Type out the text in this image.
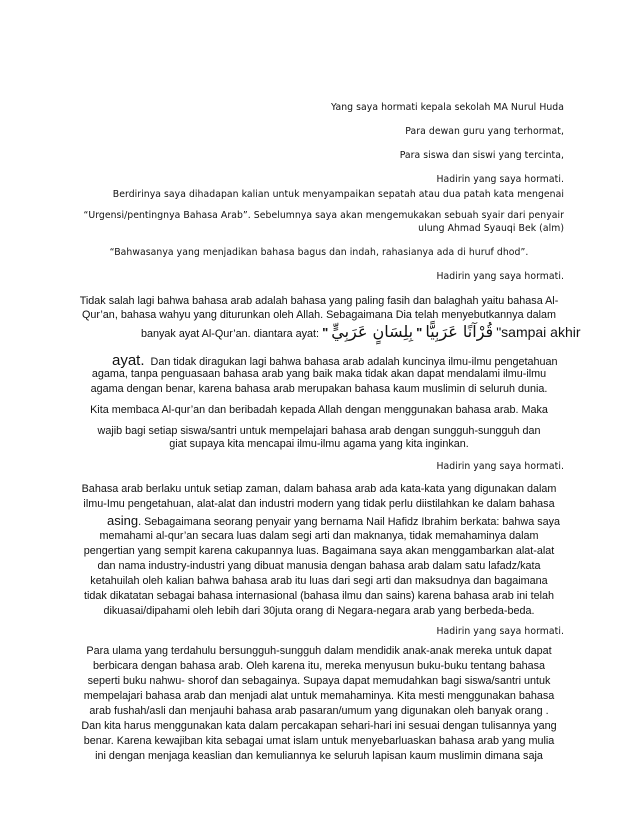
Yang saya hormati kepala sekolah MA Nurul Huda

Para dewan guru yang terhormat,

Para siswa dan siswi yang tercinta,

Hadirin yang saya hormati.

Berdirinya saya dihadapan kalian untuk menyampaikan sepatah atau dua patah kata mengenai

“Urgensi/pentingnya Bahasa Arab”. Sebelumnya saya akan mengemukakan sebuah syair dari penyair

ulung Ahmad Syauqi Bek (alm)

“Bahwasanya yang menjadikan bahasa bagus dan indah, rahasianya ada di huruf dhod”.

Hadirin yang saya hormati.

Tidak salah lagi bahwa bahasa arab adalah bahasa yang paling fasih dan balaghah yaitu bahasa Al-

Qur’an, bahasa wahyu yang diturunkan oleh Allah. Sebagaimana Dia telah menyebutkannya dalam

banyak ayat Al-Qur’an. diantara ayat: " بِلِسَانٍ عَرَبِيٍّ " قُرْآنًا عَرَبِيًّا "sampai akhir
ayat. Dan tidak diragukan lagi bahwa bahasa arab adalah kuncinya ilmu-ilmu pengetahuan

agama, tanpa penguasaan bahasa arab yang baik maka tidak akan dapat mendalami ilmu-ilmu

agama dengan benar, karena bahasa arab merupakan bahasa kaum muslimin di seluruh dunia.

Kita membaca Al-qur’an dan beribadah kepada Allah dengan menggunakan bahasa arab. Maka

wajib bagi setiap siswa/santri untuk mempelajari bahasa arab dengan sungguh-sungguh dan

giat supaya kita mencapai ilmu-ilmu agama yang kita inginkan.

Hadirin yang saya hormati.

Bahasa arab berlaku untuk setiap zaman, dalam bahasa arab ada kata-kata yang digunakan dalam

ilmu-Imu pengetahuan, alat-alat dan industri modern yang tidak perlu diistilahkan ke dalam bahasa

asing . Sebagaimana seorang penyair yang bernama Nail Hafidz Ibrahim berkata: bahwa saya

memahami al-qur’an secara luas dalam segi arti dan maknanya, tidak memahaminya dalam

pengertian yang sempit karena cakupannya luas. Bagaimana saya akan menggambarkan alat-alat

dan nama industry-industri yang dibuat manusia dengan bahasa arab dalam satu lafadz/kata

ketahuilah oleh kalian bahwa bahasa arab itu luas dari segi arti dan maksudnya dan bagaimana

tidak dikatatan sebagai bahasa internasional (bahasa ilmu dan sains) karena bahasa arab ini telah

dikuasai/dipahami oleh lebih dari 30juta orang di Negara-negara arab yang berbeda-beda.

Hadirin yang saya hormati.

Para ulama yang terdahulu bersungguh-sungguh dalam mendidik anak-anak mereka untuk dapat

berbicara dengan bahasa arab. Oleh karena itu, mereka menyusun buku-buku tentang bahasa

seperti buku nahwu- shorof dan sebagainya. Supaya dapat memudahkan bagi siswa/santri untuk

mempelajari bahasa arab dan menjadi alat untuk memahaminya. Kita mesti menggunakan bahasa

arab fushah/asli dan menjauhi bahasa arab pasaran/umum yang digunakan oleh banyak orang .

Dan kita harus menggunakan kata dalam percakapan sehari-hari ini sesuai dengan tulisannya yang

benar. Karena kewajiban kita sebagai umat islam untuk menyebarluaskan bahasa arab yang mulia

ini dengan menjaga keaslian dan kemuliannya ke seluruh lapisan kaum muslimin dimana saja
